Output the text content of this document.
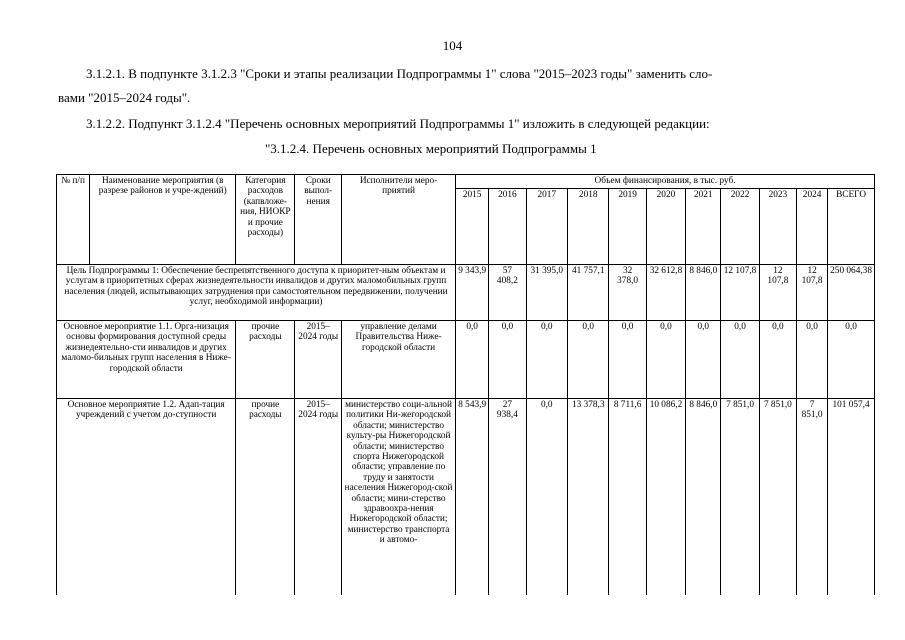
104
3.1.2.1. В подпункте 3.1.2.3 "Сроки и этапы реализации Подпрограммы 1" слова "2015–2023 годы" заменить сло-
вами "2015–2024 годы".
3.1.2.2. Подпункт 3.1.2.4 "Перечень основных мероприятий Подпрограммы 1" изложить в следующей редакции:
"3.1.2.4. Перечень основных мероприятий Подпрограммы 1
№ п/п	Наименование мероприятия (в разрезе районов и учре-ждений)	Категория расходов (капвложе-ния, НИОКР и прочие расходы)	Сроки выпол-нения	Исполнители меро-приятий	Объем финансирования, в тыс. руб.										
					2015	2016	2017	2018	2019	2020	2021	2022	2023	2024	ВСЕГО
Цель Подпрограммы 1: Обеспечение беспрепятственного доступа к приоритет-ным объектам и услугам в приоритетных сферах жизнедеятельности инвалидов и других маломобильных групп населения (людей, испытывающих затруднения при самостоятельном передвижении, получении услуг, необходимой информации)					9 343,9	57 408,2	31 395,0	41 757,1	32 378,0	32 612,8	8 846,0	12 107,8	12 107,8	12 107,8	250 064,38
Основное мероприятие 1.1. Орга-низация основы формирования доступной среды жизнедеятельно-сти инвалидов и других маломо-бильных групп населения в Ниже-городской области		прочие расходы	2015–2024 годы	управление делами Правительства Ниже-городской области	0,0	0,0	0,0	0,0	0,0	0,0	0,0	0,0	0,0	0,0	0,0
Основное мероприятие 1.2. Адап-тация учреждений с учетом до-ступности		прочие расходы	2015–2024 годы	министерство соци-альной политики Ни-жегородской области; министерство культу-ры Нижегородской области; министерство спорта Нижегородской области; управление по труду и занятости населения Нижегород-ской области; мини-стерство здравоохра-нения Нижегородской области; министерство транспорта и автомо-	8 543,9	27 938,4	0,0	13 378,3	8 711,6	10 086,2	8 846,0	7 851,0	7 851,0	7 851,0	101 057,4
